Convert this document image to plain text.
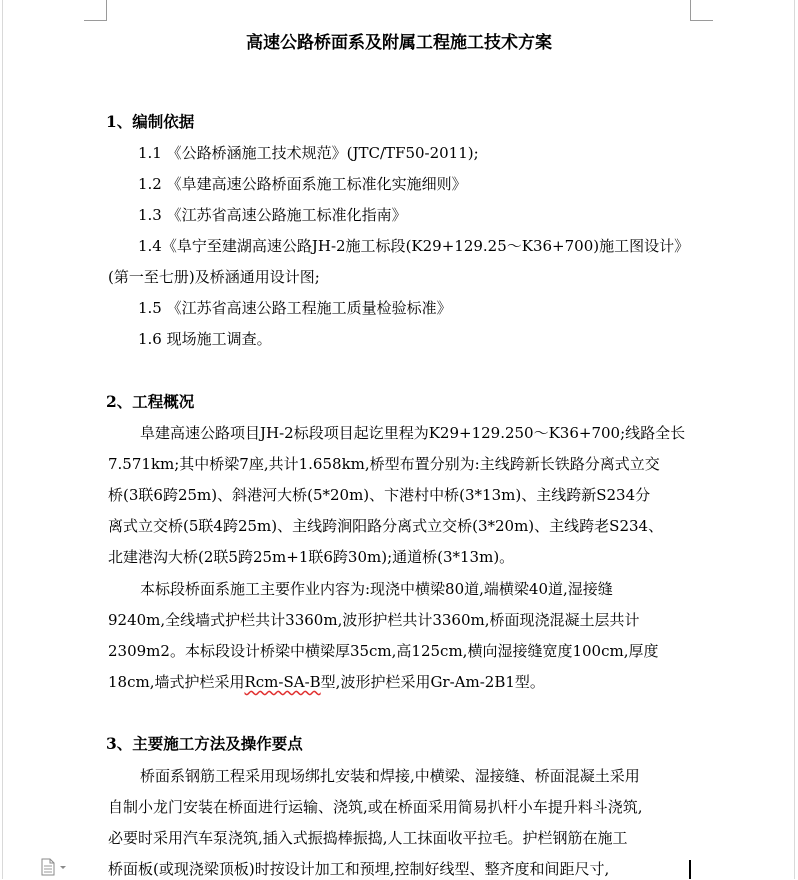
高速公路桥面系及附属工程施工技术方案
1、编制依据
1.1 《公路桥涵施工技术规范》(JTC/TF50-2011);
1.2 《阜建高速公路桥面系施工标准化实施细则》
1.3 《江苏省高速公路施工标准化指南》
1.4《阜宁至建湖高速公路JH-2施工标段(K29+129.25～K36+700)施工图设计》
(第一至七册)及桥涵通用设计图;
1.5 《江苏省高速公路工程施工质量检验标准》
1.6 现场施工调查。
2、工程概况
阜建高速公路项目JH-2标段项目起讫里程为K29+129.250～K36+700;线路全长
7.571km;其中桥梁7座,共计1.658km,桥型布置分别为:主线跨新长铁路分离式立交
桥(3联6跨25m)、斜港河大桥(5*20m)、卞港村中桥(3*13m)、主线跨新S234分
离式立交桥(5联4跨25m)、主线跨涧阳路分离式立交桥(3*20m)、主线跨老S234、
北建港沟大桥(2联5跨25m+1联6跨30m);通道桥(3*13m)。
本标段桥面系施工主要作业内容为:现浇中横梁80道,端横梁40道,湿接缝
9240m,全线墙式护栏共计3360m,波形护栏共计3360m,桥面现浇混凝土层共计
2309m2。本标段设计桥梁中横梁厚35cm,高125cm,横向湿接缝宽度100cm,厚度
18cm,墙式护栏采用Rcm-SA-B型,波形护栏采用Gr-Am-2B1型。
3、主要施工方法及操作要点
桥面系钢筋工程采用现场绑扎安装和焊接,中横梁、湿接缝、桥面混凝土采用
自制小龙门安装在桥面进行运输、浇筑,或在桥面采用简易扒杆小车提升料斗浇筑,
必要时采用汽车泵浇筑,插入式振捣棒振捣,人工抹面收平拉毛。护栏钢筋在施工
桥面板(或现浇梁顶板)时按设计加工和预埋,控制好线型、整齐度和间距尺寸,
